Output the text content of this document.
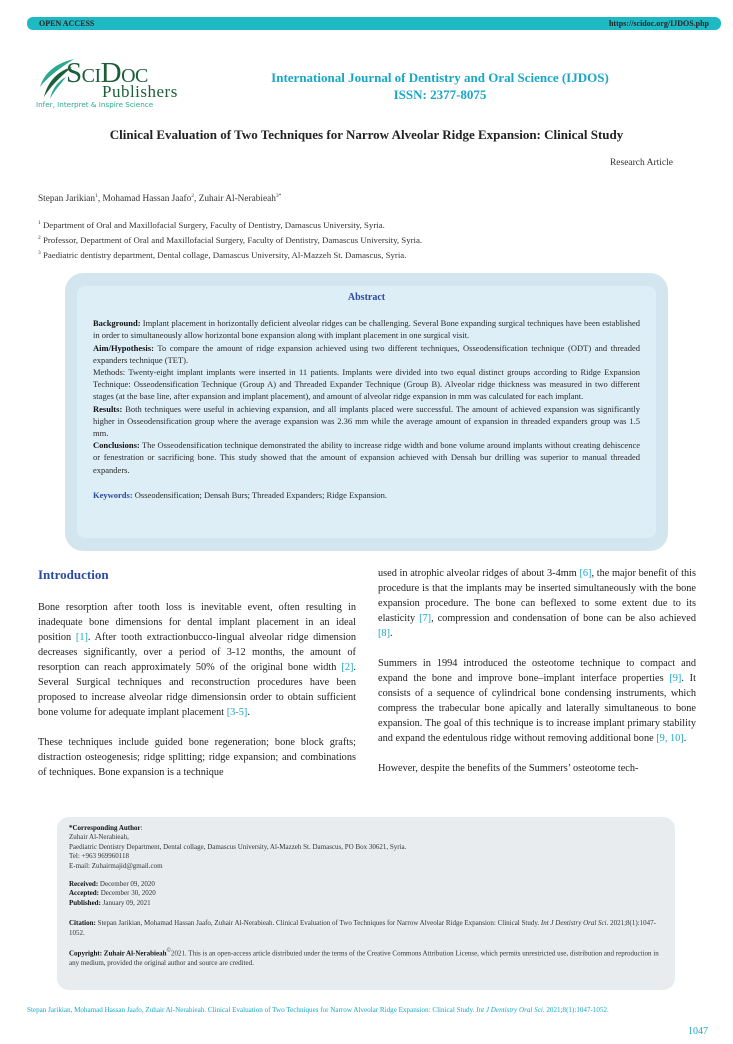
OPEN ACCESS	https://scidoc.org/IJDOS.php
SciDoc
Publishers
Infer, Interpret & Inspire Science
International Journal of Dentistry and Oral Science (IJDOS)
ISSN: 2377-8075
Clinical Evaluation of Two Techniques for Narrow Alveolar Ridge Expansion: Clinical Study
Research Article
Stepan Jarikian$^1$, Mohamad Hassan Jaafo$^2$, Zuhair Al-Nerabieah$^{3*}$
$^1$ Department of Oral and Maxillofacial Surgery, Faculty of Dentistry, Damascus University, Syria.
$^2$ Professor, Department of Oral and Maxillofacial Surgery, Faculty of Dentistry, Damascus University, Syria.
$^3$ Paediatric dentistry department, Dental collage, Damascus University, Al-Mazzeh St. Damascus, Syria.
Abstract

Background: Implant placement in horizontally deficient alveolar ridges can be challenging. Several Bone expanding surgical techniques have been established in order to simultaneously allow horizontal bone expansion along with implant placement in one surgical visit.

Aim/Hypothesis: To compare the amount of ridge expansion achieved using two different techniques, Osseodensification technique (ODT) and threaded expanders technique (TET).

Methods: Twenty-eight implant implants were inserted in 11 patients. Implants were divided into two equal distinct groups according to Ridge Expansion Technique: Osseodensification Technique (Group A) and Threaded Expander Technique (Group B). Alveolar ridge thickness was measured in two different stages (at the base line, after expansion and implant placement), and amount of alveolar ridge expansion in mm was calculated for each implant.

Results: Both techniques were useful in achieving expansion, and all implants placed were successful. The amount of achieved expansion was significantly higher in Osseodensification group where the average expansion was 2.36 mm while the average amount of expansion in threaded expanders group was 1.5 mm.

Conclusions: The Osseodensification technique demonstrated the ability to increase ridge width and bone volume around implants without creating dehiscence or fenestration or sacrificing bone. This study showed that the amount of expansion achieved with Densah bur drilling was superior to manual threaded expanders.

Keywords: Osseodensification; Densah Burs; Threaded Expanders; Ridge Expansion.

Introduction

Bone resorption after tooth loss is inevitable event, often resulting in inadequate bone dimensions for dental implant placement in an ideal position [1]. After tooth extractionbucco-lingual alveolar ridge dimension decreases significantly, over a period of 3-12 months, the amount of resorption can reach approximately 50% of the original bone width [2]. Several Surgical techniques and reconstruction procedures have been proposed to increase alveolar ridge dimensionsin order to obtain sufficient bone volume for adequate implant placement [3-5].

These techniques include guided bone regeneration; bone block grafts; distraction osteogenesis; ridge splitting; ridge expansion; and combinations of techniques. Bone expansion is a technique

used in atrophic alveolar ridges of about 3-4mm [6], the major benefit of this procedure is that the implants may be inserted simultaneously with the bone expansion procedure. The bone can beflexed to some extent due to its elasticity [7], compression and condensation of bone can be also achieved [8].

Summers in 1994 introduced the osteotome technique to compact and expand the bone and improve bone–implant interface properties [9]. It consists of a sequence of cylindrical bone condensing instruments, which compress the trabecular bone apically and laterally simultaneous to bone expansion. The goal of this technique is to increase implant primary stability and expand the edentulous ridge without removing additional bone [9, 10].

However, despite the benefits of the Summers’ osteotome tech-

*Corresponding Author:
Zuhair Al-Nerabieah,
Paediatric Dentistry Department, Dental collage, Damascus University, Al-Mazzeh St. Damascus, PO Box 30621, Syria.
Tel: +963 969960118
E-mail: Zuhairmajid@gmail.com
Received: December 09, 2020
Accepted: December 30, 2020
Published: January 09, 2021
Citation: Stepan Jarikian, Mohamad Hassan Jaafo, Zuhair Al-Nerabieah. Clinical Evaluation of Two Techniques for Narrow Alveolar Ridge Expansion: Clinical Study. Int J Dentistry Oral Sci. 2021;8(1):1047-1052.
Copyright: Zuhair Al-Nerabieah©2021. This is an open-access article distributed under the terms of the Creative Commons Attribution License, which permits unrestricted use, distribution and reproduction in any medium, provided the original author and source are credited.
Stepan Jarikian, Mohamad Hassan Jaafo, Zuhair Al-Nerabieah. Clinical Evaluation of Two Techniques for Narrow Alveolar Ridge Expansion: Clinical Study. Int J Dentistry Oral Sci. 2021;8(1):1047-1052.
1047
